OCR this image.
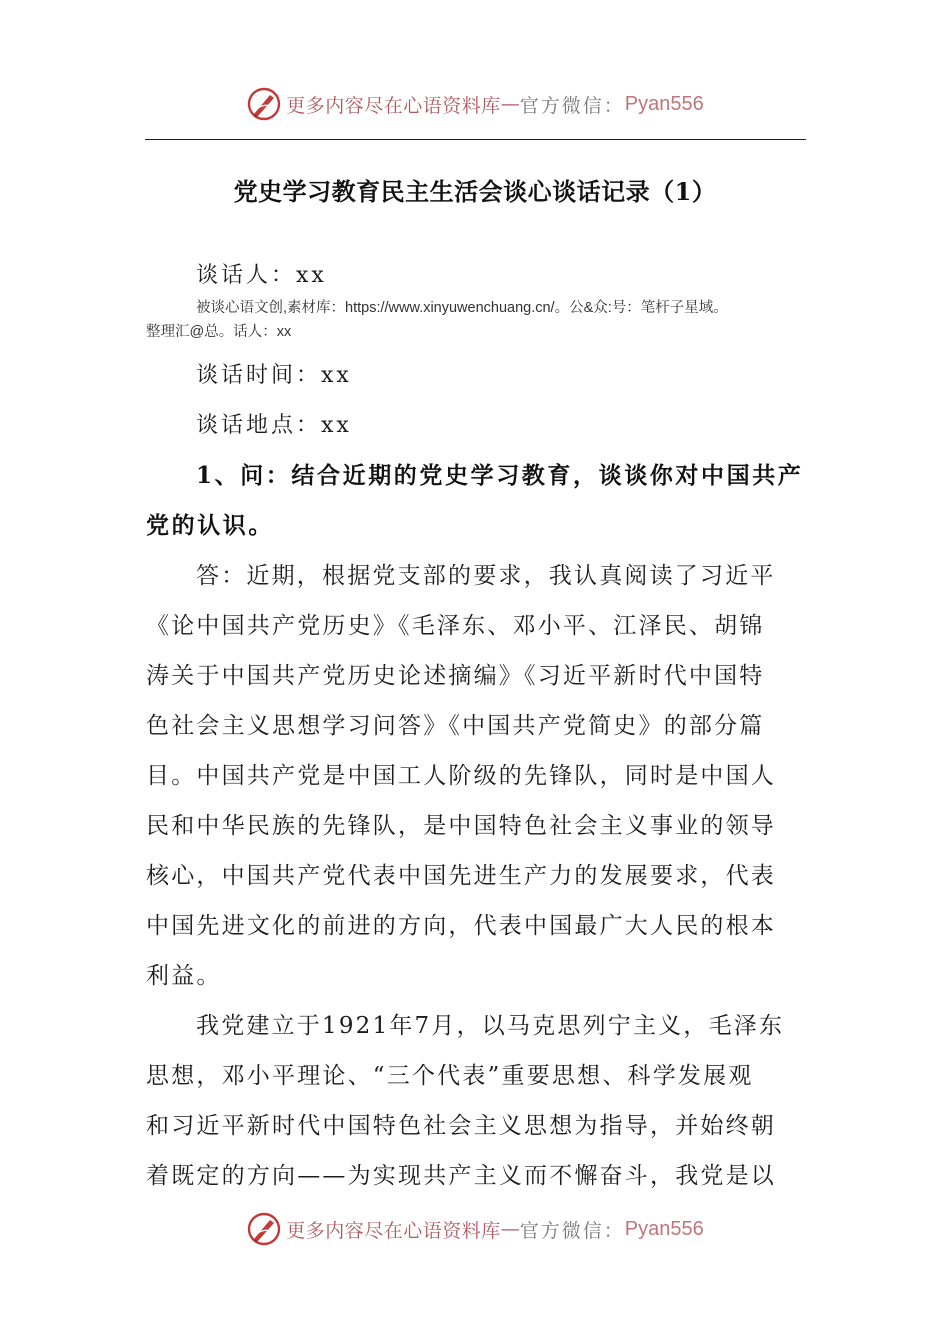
更多内容尽在心语资料库 — 官方微信： Pyan556
党史学习教育民主生活会谈心谈话记录（1）
谈话人：xx
被谈心语文创,素材库：https://www.xinyuwenchuang.cn/。公&众:号：笔杆子星域。
整理汇@总。话人：xx
谈话时间：xx
谈话地点：xx
1、问：结合近期的党史学习教育，谈谈你对中国共产
党的认识。
答：近期，根据党支部的要求，我认真阅读了习近平
《论中国共产党历史》《毛泽东、邓小平、江泽民、胡锦
涛关于中国共产党历史论述摘编》《习近平新时代中国特
色社会主义思想学习问答》《中国共产党简史》的部分篇
目。中国共产党是中国工人阶级的先锋队，同时是中国人
民和中华民族的先锋队，是中国特色社会主义事业的领导
核心，中国共产党代表中国先进生产力的发展要求，代表
中国先进文化的前进的方向，代表中国最广大人民的根本
利益。
我党建立于1921年7月，以马克思列宁主义，毛泽东
思想，邓小平理论、“三个代表”重要思想、科学发展观
和习近平新时代中国特色社会主义思想为指导，并始终朝
着既定的方向——为实现共产主义而不懈奋斗，我党是以
更多内容尽在心语资料库 — 官方微信： Pyan556
